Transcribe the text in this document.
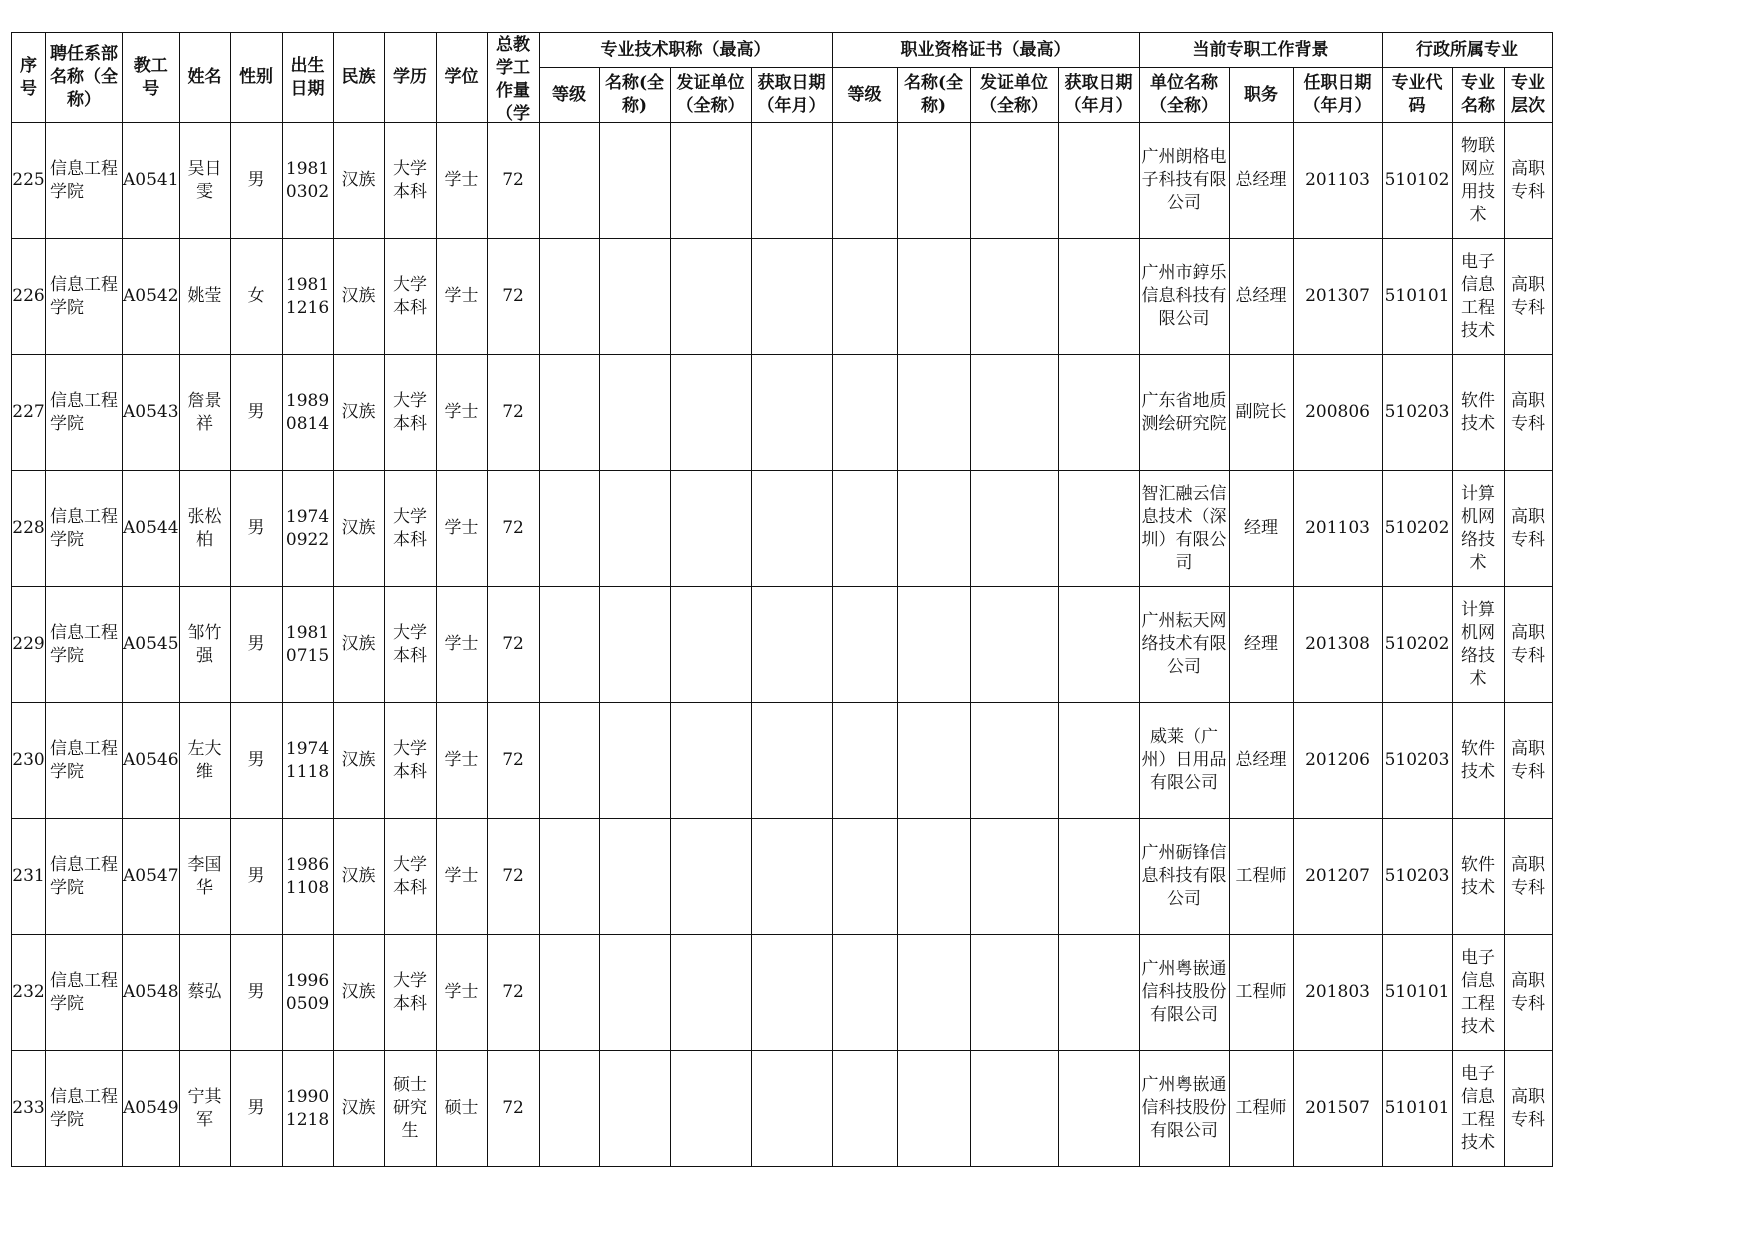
序号	聘任系部名称（全称）	教工号	姓名	性别	出生日期	民族	学历	学位	总教学工作量（学	专业技术职称（最高）				职业资格证书（最高）				当前专职工作背景			行政所属专业		
										等级	名称(全称)	发证单位（全称）	获取日期（年月）	等级	名称(全称)	发证单位（全称）	获取日期（年月）	单位名称（全称）	职务	任职日期（年月）	专业代码	专业名称	专业层次

225	信息工程学院	A0541	吴日雯	男	19810302	汉族	大学本科	学士	72									广州朗格电子科技有限公司	总经理	201103	510102	物联网应用技术	高职专科

226	信息工程学院	A0542	姚莹	女	19811216	汉族	大学本科	学士	72									广州市錞乐信息科技有限公司	总经理	201307	510101	电子信息工程技术	高职专科

227	信息工程学院	A0543	詹景祥	男	19890814	汉族	大学本科	学士	72									广东省地质测绘研究院	副院长	200806	510203	软件技术	高职专科

228	信息工程学院	A0544	张松柏	男	19740922	汉族	大学本科	学士	72									智汇融云信息技术（深圳）有限公司	经理	201103	510202	计算机网络技术	高职专科

229	信息工程学院	A0545	邹竹强	男	19810715	汉族	大学本科	学士	72									广州耘天网络技术有限公司	经理	201308	510202	计算机网络技术	高职专科

230	信息工程学院	A0546	左大维	男	19741118	汉族	大学本科	学士	72									威莱（广州）日用品有限公司	总经理	201206	510203	软件技术	高职专科

231	信息工程学院	A0547	李国华	男	19861108	汉族	大学本科	学士	72									广州砺锋信息科技有限公司	工程师	201207	510203	软件技术	高职专科

232	信息工程学院	A0548	蔡弘	男	19960509	汉族	大学本科	学士	72									广州粤嵌通信科技股份有限公司	工程师	201803	510101	电子信息工程技术	高职专科

233	信息工程学院	A0549	宁其军	男	19901218	汉族	硕士研究生	硕士	72									广州粤嵌通信科技股份有限公司	工程师	201507	510101	电子信息工程技术	高职专科
